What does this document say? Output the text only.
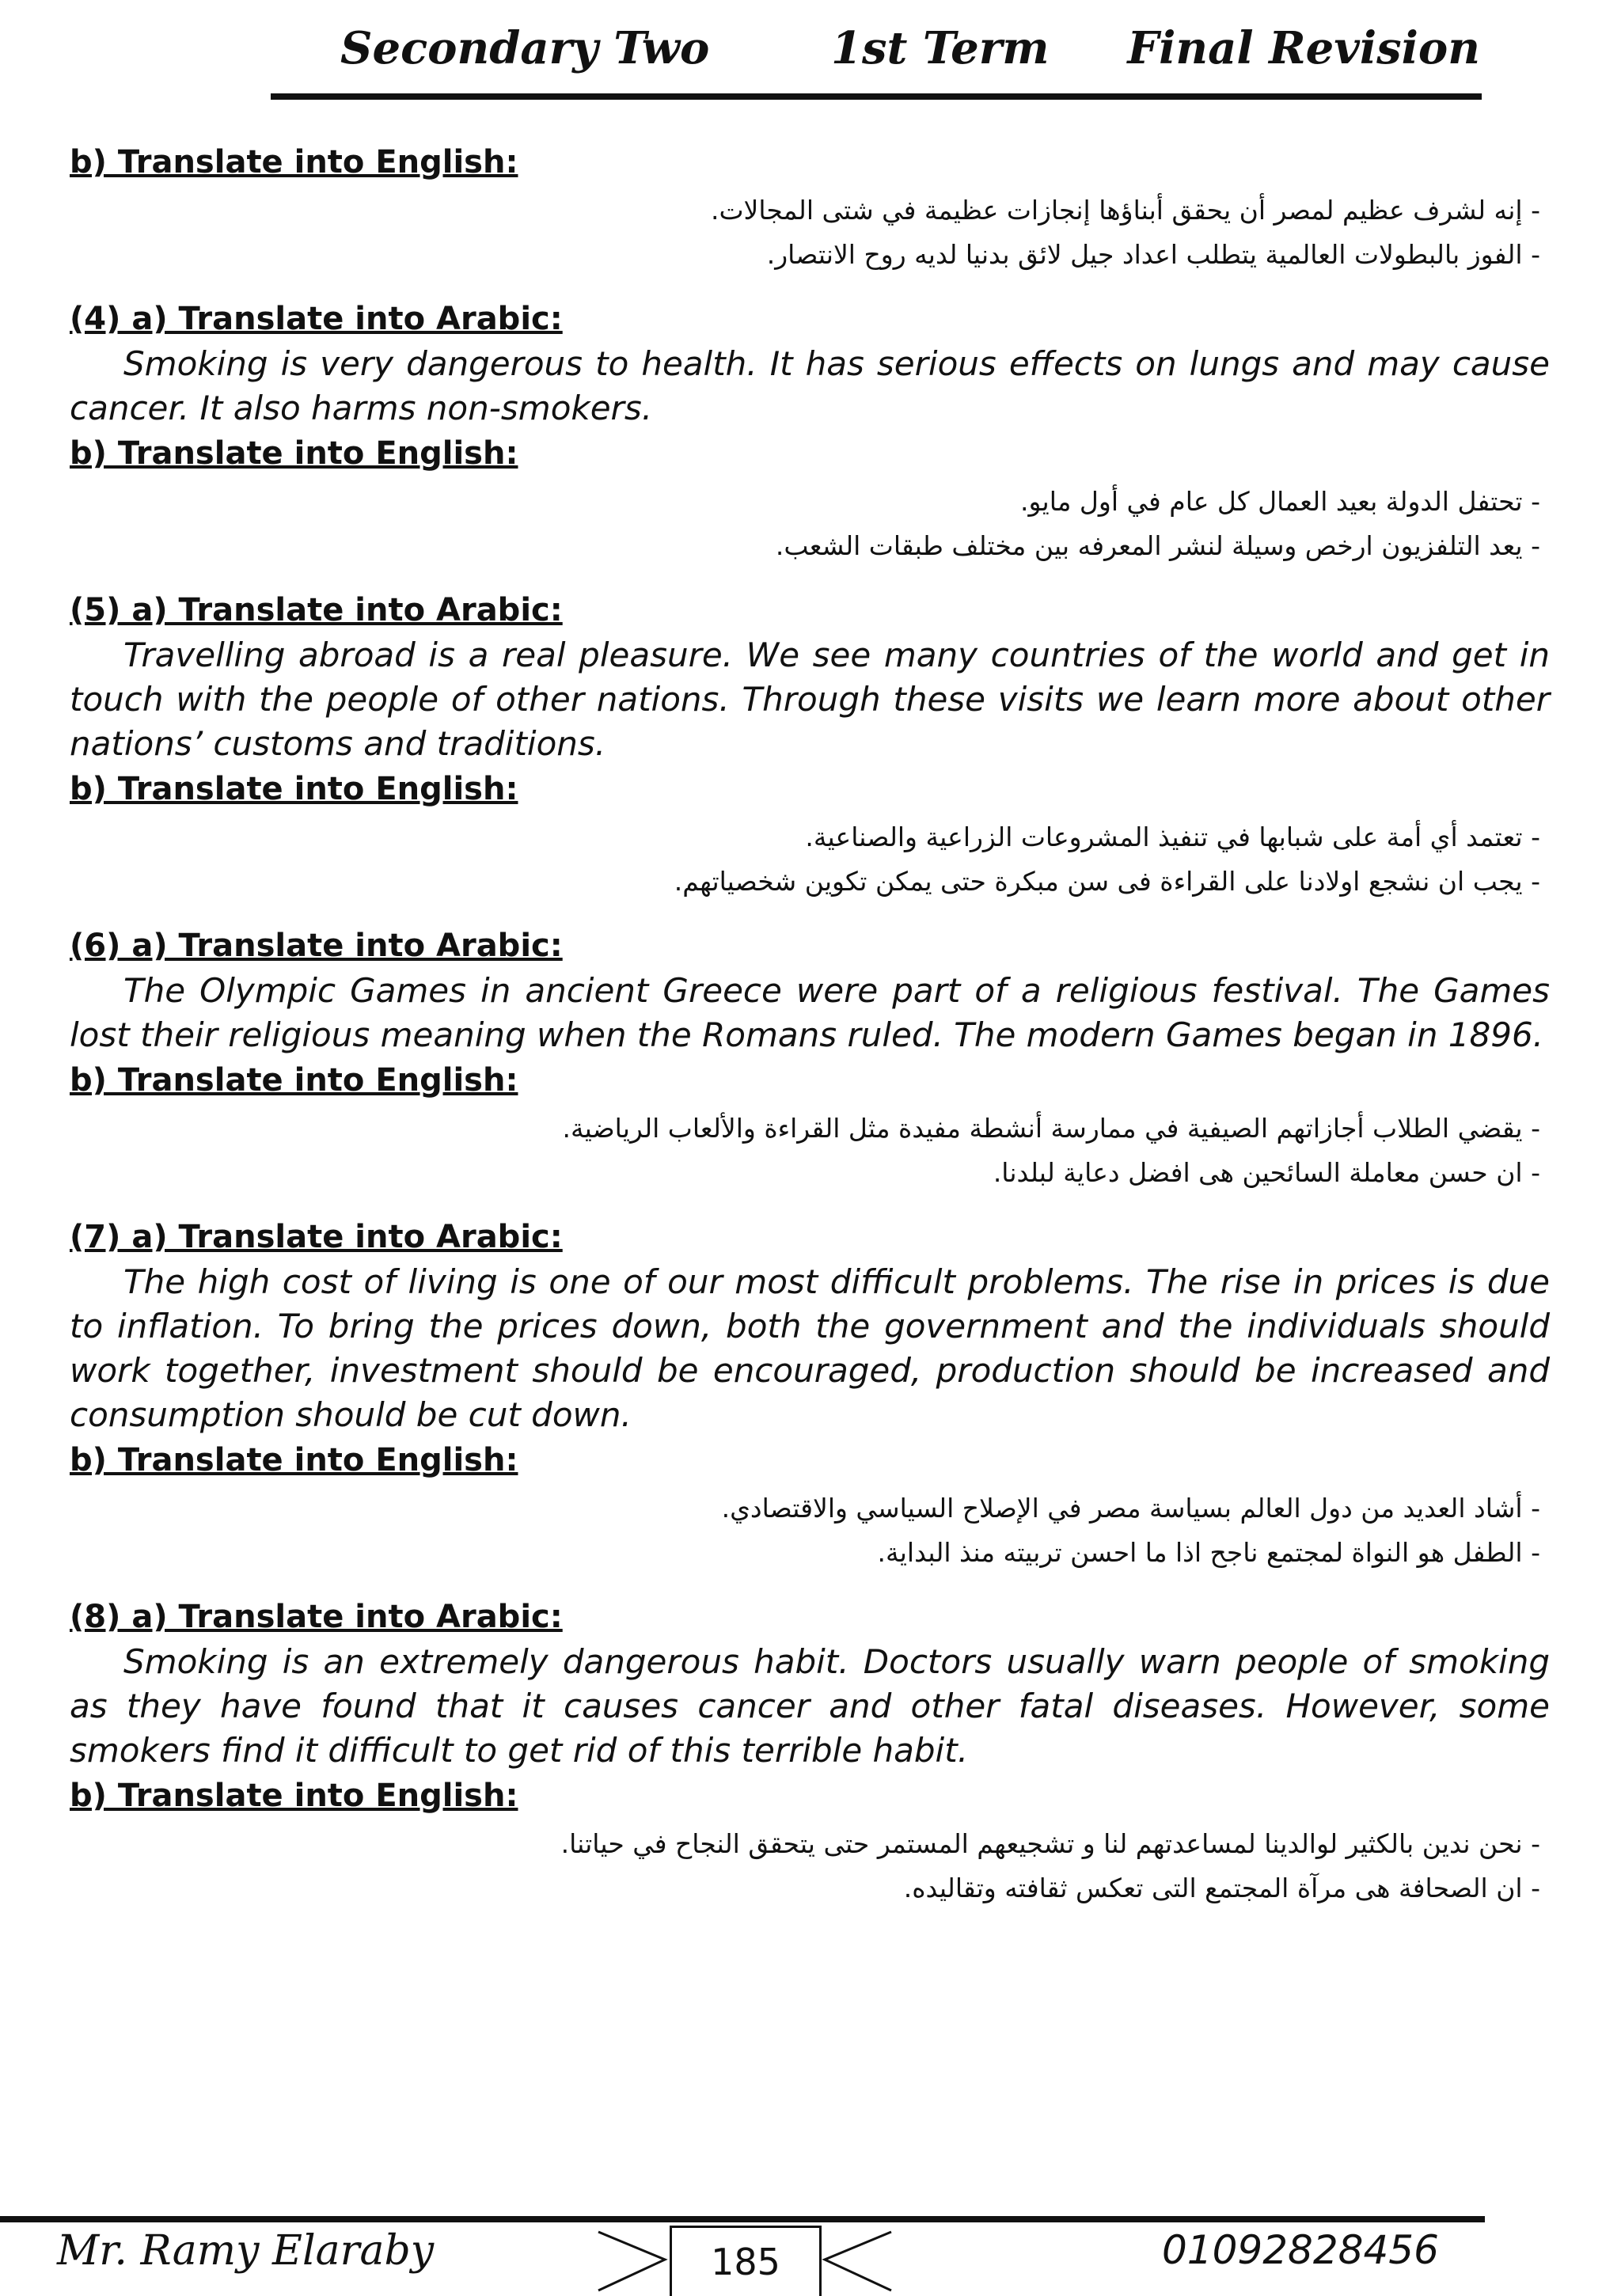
Secondary Two	1st Term Final Revision

b) Translate into English:

- إنه لشرف عظيم لمصر أن يحقق أبناؤها إنجازات عظيمة في شتى المجالات.
- الفوز بالبطولات العالمية يتطلب اعداد جيل لائق بدنيا لديه روح الانتصار.

(4) a) Translate into Arabic:

Smoking is very dangerous to health. It has serious effects on lungs and may cause cancer. It also harms non-smokers.

b) Translate into English:

- تحتفل الدولة بعيد العمال كل عام في أول مايو.
- يعد التلفزيون ارخص وسيلة لنشر المعرفه بين مختلف طبقات الشعب.

(5) a) Translate into Arabic:

Travelling abroad is a real pleasure. We see many countries of the world and get in touch with the people of other nations. Through these visits we learn more about other nations’ customs and traditions.

b) Translate into English:

- تعتمد أي أمة على شبابها في تنفيذ المشروعات الزراعية والصناعية.
- يجب ان نشجع اولادنا على القراءة فى سن مبكرة حتى يمكن تكوين شخصياتهم.

(6) a) Translate into Arabic:

The Olympic Games in ancient Greece were part of a religious festival. The Games lost their religious meaning when the Romans ruled. The modern Games began in 1896.

b) Translate into English:

- يقضي الطلاب أجازاتهم الصيفية في ممارسة أنشطة مفيدة مثل القراءة والألعاب الرياضية.
- ان حسن معاملة السائحين هى افضل دعاية لبلدنا.

(7) a) Translate into Arabic:

The high cost of living is one of our most difficult problems. The rise in prices is due to inflation. To bring the prices down, both the government and the individuals should work together, investment should be encouraged, production should be increased and consumption should be cut down.

b) Translate into English:

- أشاد العديد من دول العالم بسياسة مصر في الإصلاح السياسي والاقتصادي.
- الطفل هو النواة لمجتمع ناجح اذا ما احسن تربيته منذ البداية.

(8) a) Translate into Arabic:

Smoking is an extremely dangerous habit. Doctors usually warn people of smoking as they have found that it causes cancer and other fatal diseases. However, some smokers find it difficult to get rid of this terrible habit.

b) Translate into English:

- نحن ندين بالكثير لوالدينا لمساعدتهم لنا و تشجيعهم المستمر حتى يتحقق النجاح في حياتنا.
- ان الصحافة هى مرآة المجتمع التى تعكس ثقافته وتقاليده.
Mr. Ramy Elaraby	185	01092828456
